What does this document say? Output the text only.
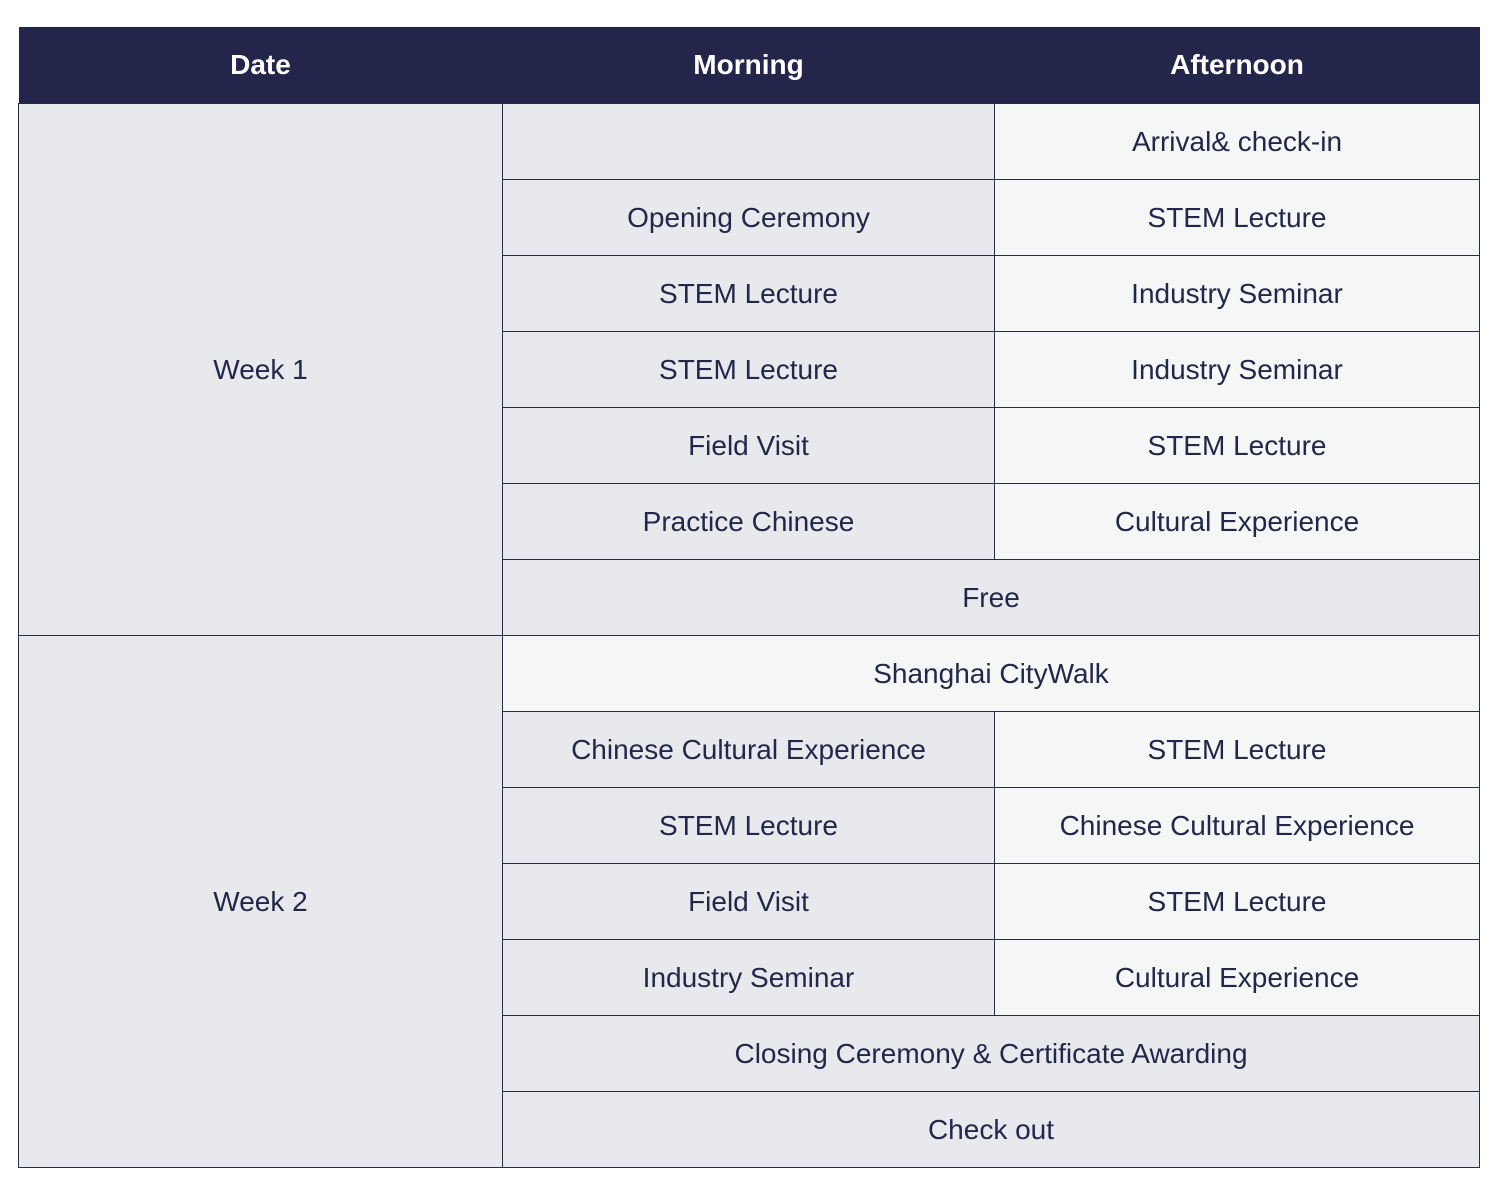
Date	Morning	Afternoon
Week 1		Arrival& check-in
	Opening Ceremony	STEM Lecture
	STEM Lecture	Industry Seminar
	STEM Lecture	Industry Seminar
	Field Visit	STEM Lecture
	Practice Chinese	Cultural Experience
	Free	
Week 2	Shanghai CityWalk	
	Chinese Cultural Experience	STEM Lecture
	STEM Lecture	Chinese Cultural Experience
	Field Visit	STEM Lecture
	Industry Seminar	Cultural Experience
	Closing Ceremony & Certificate Awarding	
	Check out	
